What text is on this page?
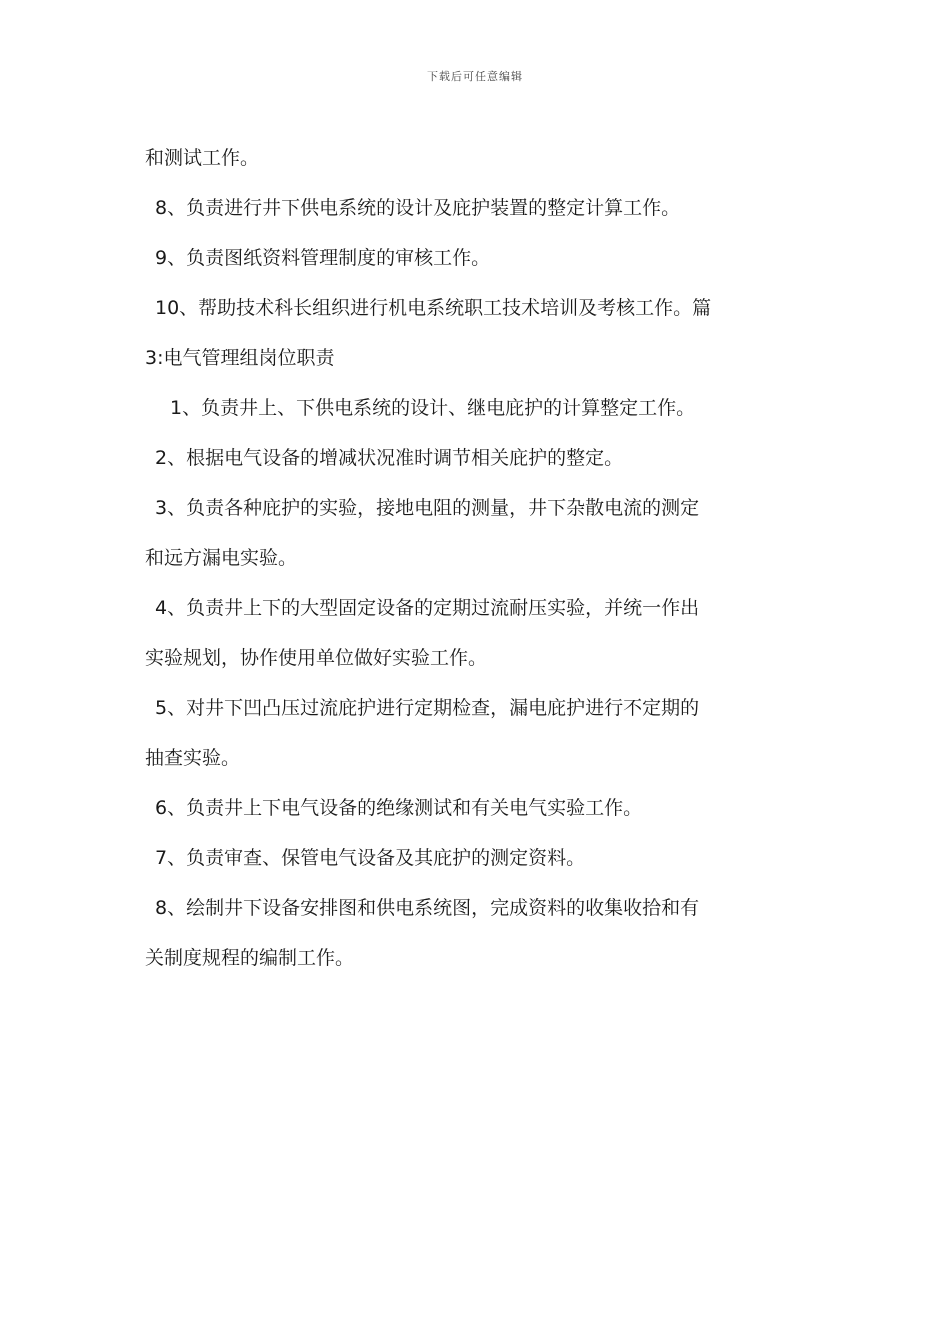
下载后可任意编辑
和测试工作。
8、负责进行井下供电系统的设计及庇护装置的整定计算工作。
9、负责图纸资料管理制度的审核工作。
10、帮助技术科长组织进行机电系统职工技术培训及考核工作。篇
3:电气管理组岗位职责
1、负责井上、下供电系统的设计、继电庇护的计算整定工作。
2、根据电气设备的增减状况准时调节相关庇护的整定。
3、负责各种庇护的实验，接地电阻的测量，井下杂散电流的测定
和远方漏电实验。
4、负责井上下的大型固定设备的定期过流耐压实验，并统一作出
实验规划，协作使用单位做好实验工作。
5、对井下凹凸压过流庇护进行定期检查，漏电庇护进行不定期的
抽查实验。
6、负责井上下电气设备的绝缘测试和有关电气实验工作。
7、负责审查、保管电气设备及其庇护的测定资料。
8、绘制井下设备安排图和供电系统图，完成资料的收集收拾和有
关制度规程的编制工作。
